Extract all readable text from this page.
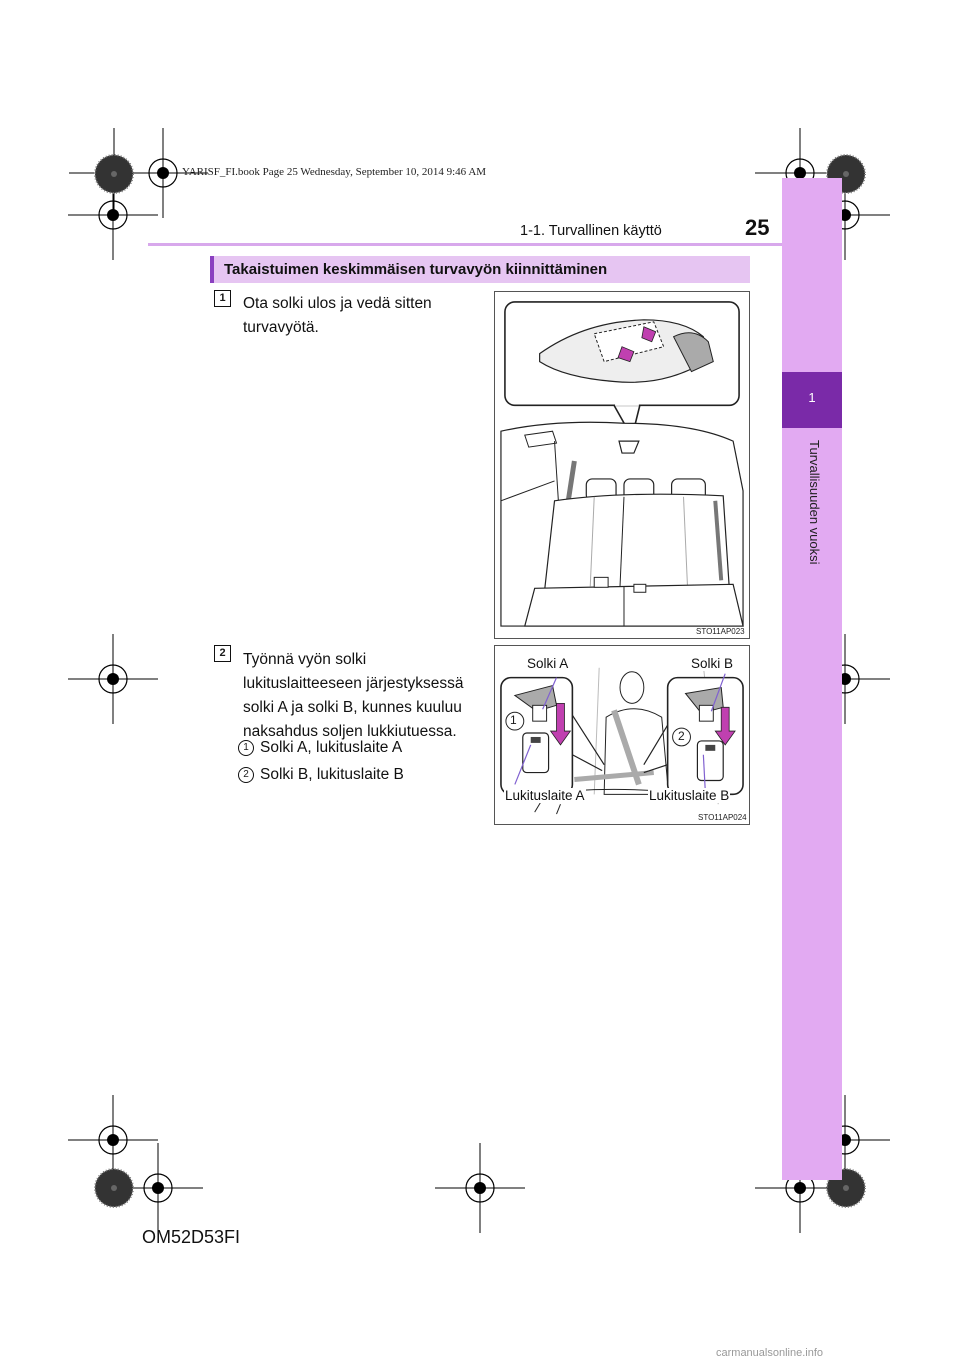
YARISF_FI.book Page 25 Wednesday, September 10, 2014 9:46 AM
1
Turvallisuuden vuoksi
1-1. Turvallinen käyttö	25
Takaistuimen keskimmäisen turvavyön kiinnittäminen
1	Ota solki ulos ja vedä sitten turvavyötä.
STO11AP023
2	Työnnä vyön solki lukituslaitteeseen järjestyksessä solki A ja solki B, kunnes kuuluu naksahdus soljen lukkiutuessa.
1 Solki A, lukituslaite A
2 Solki B, lukituslaite B
1
2
Solki A	Solki B
Lukituslaite A	Lukituslaite B
STO11AP024
OM52D53FI
carmanualsonline.info
